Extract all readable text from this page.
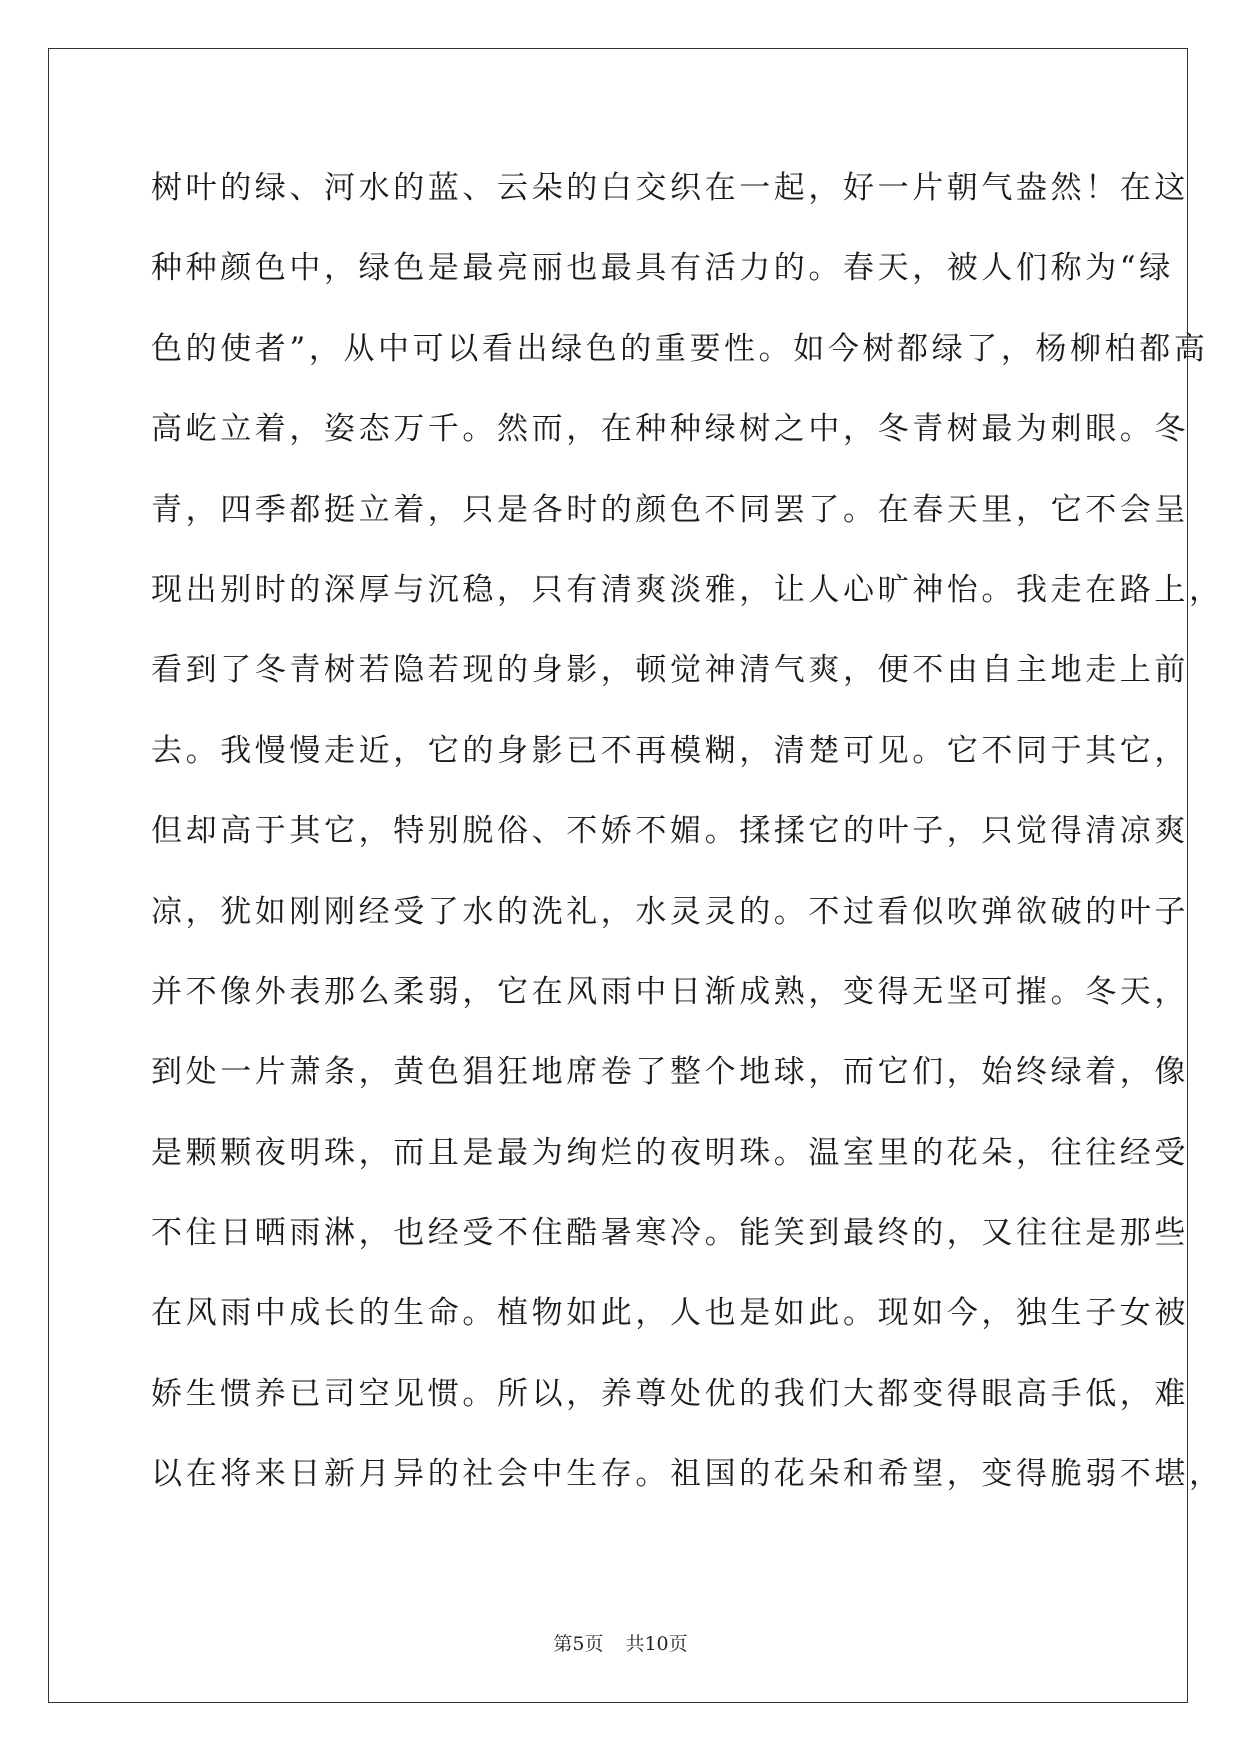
树叶的绿、河水的蓝、云朵的白交织在一起，好一片朝气盎然！在这
种种颜色中，绿色是最亮丽也最具有活力的。春天，被人们称为“绿
色的使者”，从中可以看出绿色的重要性。如今树都绿了，杨柳柏都高
高屹立着，姿态万千。然而，在种种绿树之中，冬青树最为刺眼。冬
青，四季都挺立着，只是各时的颜色不同罢了。在春天里，它不会呈
现出别时的深厚与沉稳，只有清爽淡雅，让人心旷神怡。我走在路上，
看到了冬青树若隐若现的身影，顿觉神清气爽，便不由自主地走上前
去。我慢慢走近，它的身影已不再模糊，清楚可见。它不同于其它，
但却高于其它，特别脱俗、不娇不媚。揉揉它的叶子，只觉得清凉爽
凉，犹如刚刚经受了水的洗礼，水灵灵的。不过看似吹弹欲破的叶子
并不像外表那么柔弱，它在风雨中日渐成熟，变得无坚可摧。冬天，
到处一片萧条，黄色猖狂地席卷了整个地球，而它们，始终绿着，像
是颗颗夜明珠，而且是最为绚烂的夜明珠。温室里的花朵，往往经受
不住日晒雨淋，也经受不住酷暑寒冷。能笑到最终的，又往往是那些
在风雨中成长的生命。植物如此，人也是如此。现如今，独生子女被
娇生惯养已司空见惯。所以，养尊处优的我们大都变得眼高手低，难
以在将来日新月异的社会中生存。祖国的花朵和希望，变得脆弱不堪，
第5页 共10页
